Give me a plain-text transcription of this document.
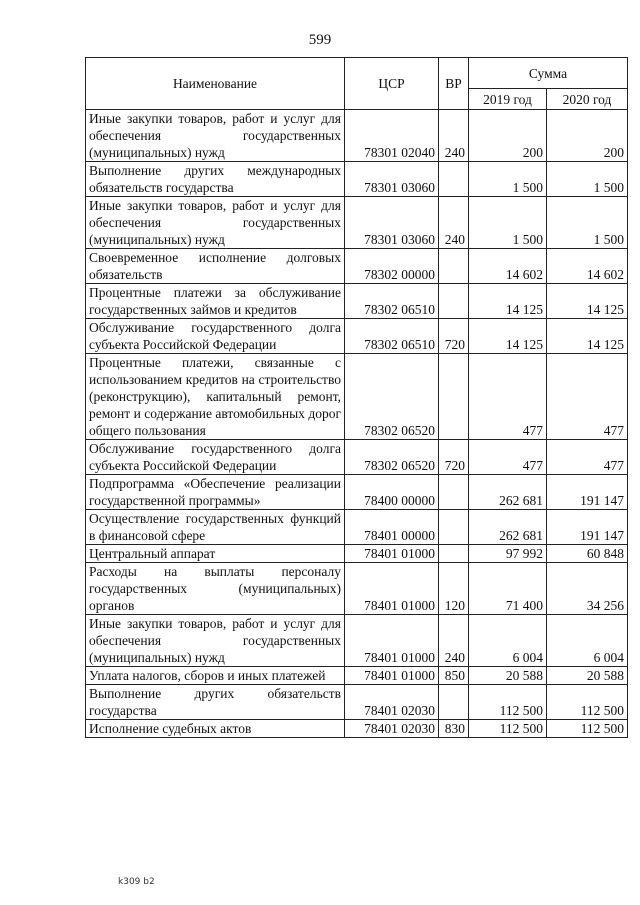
599
Наименование	ЦСР	ВР	Сумма	
			2019 год	2020 год
Иные закупки товаров, работ и услуг для обеспечения государственных (муниципальных) нужд	78301 02040	240	200	200
Выполнение других международных обязательств государства	78301 03060		1 500	1 500
Иные закупки товаров, работ и услуг для обеспечения государственных (муниципальных) нужд	78301 03060	240	1 500	1 500
Своевременное исполнение долговых обязательств	78302 00000		14 602	14 602
Процентные платежи за обслуживание государственных займов и кредитов	78302 06510		14 125	14 125
Обслуживание государственного долга субъекта Российской Федерации	78302 06510	720	14 125	14 125
Процентные платежи, связанные с использованием кредитов на строительство (реконструкцию), капитальный ремонт, ремонт и содержание автомобильных дорог общего пользования	78302 06520		477	477
Обслуживание государственного долга субъекта Российской Федерации	78302 06520	720	477	477
Подпрограмма «Обеспечение реализации государственной программы»	78400 00000		262 681	191 147
Осуществление государственных функций в финансовой сфере	78401 00000		262 681	191 147
Центральный аппарат	78401 01000		97 992	60 848
Расходы на выплаты персоналу государственных (муниципальных) органов	78401 01000	120	71 400	34 256
Иные закупки товаров, работ и услуг для обеспечения государственных (муниципальных) нужд	78401 01000	240	6 004	6 004
Уплата налогов, сборов и иных платежей	78401 01000	850	20 588	20 588
Выполнение других обязательств государства	78401 02030		112 500	112 500
Исполнение судебных актов	78401 02030	830	112 500	112 500
k309 b2
